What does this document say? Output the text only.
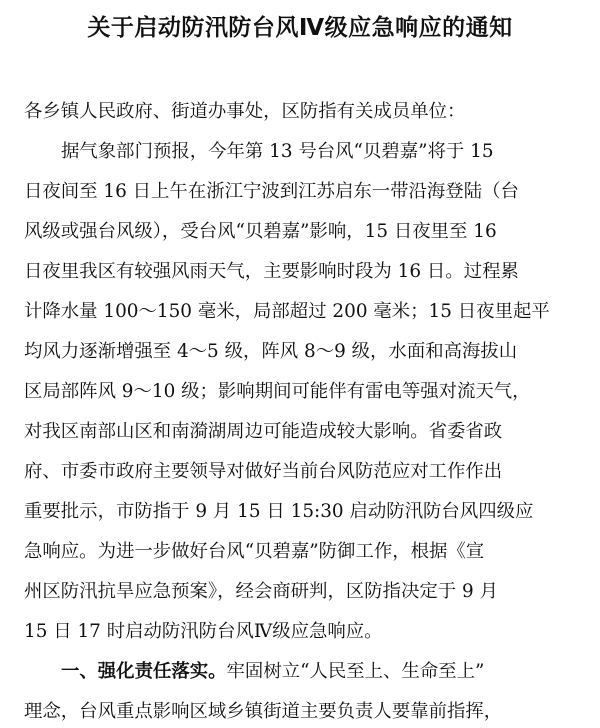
关于启动防汛防台风Ⅳ级应急响应的通知
各乡镇人民政府、街道办事处，区防指有关成员单位：
据气象部门预报，今年第 13 号台风“贝碧嘉”将于 15
日夜间至 16 日上午在浙江宁波到江苏启东一带沿海登陆（台
风级或强台风级），受台风“贝碧嘉”影响，15 日夜里至 16
日夜里我区有较强风雨天气，主要影响时段为 16 日。过程累
计降水量 100～150 毫米，局部超过 200 毫米；15 日夜里起平
均风力逐渐增强至 4～5 级，阵风 8～9 级，水面和高海拔山
区局部阵风 9～10 级；影响期间可能伴有雷电等强对流天气，
对我区南部山区和南漪湖周边可能造成较大影响。省委省政
府、市委市政府主要领导对做好当前台风防范应对工作作出
重要批示，市防指于 9 月 15 日 15:30 启动防汛防台风四级应
急响应。为进一步做好台风“贝碧嘉”防御工作，根据《宣
州区防汛抗旱应急预案》，经会商研判，区防指决定于 9 月
15 日 17 时启动防汛防台风Ⅳ级应急响应。
一、强化责任落实。牢固树立“人民至上、生命至上”
理念，台风重点影响区域乡镇街道主要负责人要靠前指挥，
